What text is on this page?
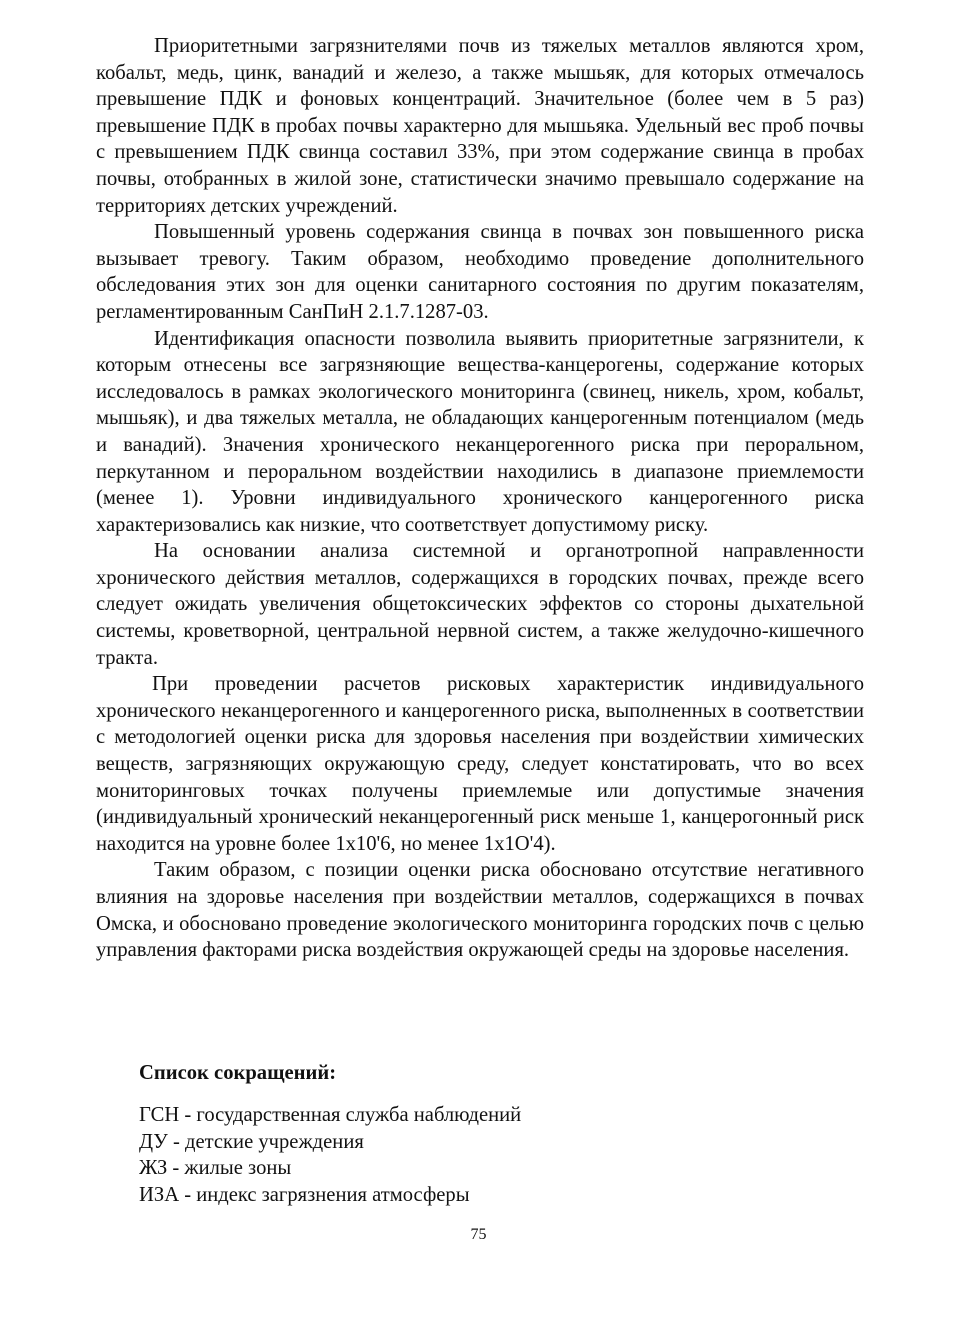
Приоритетными загрязнителями почв из тяжелых металлов являются хром, кобальт, медь, цинк, ванадий и железо, а также мышьяк, для которых отмечалось превышение ПДК и фоновых концентраций. Значительное (более чем в 5 раз) превышение ПДК в пробах почвы характерно для мышьяка. Удельный вес проб почвы с превышением ПДК свинца составил 33%, при этом содержание свинца в пробах почвы, отобранных в жилой зоне, статистически значимо превышало содержание на территориях детских учреждений.

Повышенный уровень содержания свинца в почвах зон повышенного риска вызывает тревогу. Таким образом, необходимо проведение дополнительного обследования этих зон для оценки санитарного состояния по другим показателям, регламентированным СанПиН 2.1.7.1287-03.

Идентификация опасности позволила выявить приоритетные загрязнители, к которым отнесены все загрязняющие вещества-канцерогены, содержание которых исследовалось в рамках экологического мониторинга (свинец, никель, хром, кобальт, мышьяк), и два тяжелых металла, не обладающих канцерогенным потенциалом (медь и ванадий). Значения хронического неканцерогенного риска при пероральном, перкутанном и пероральном воздействии находились в диапазоне приемлемости (менее 1). Уровни индивидуального хронического канцерогенного риска характеризовались как низкие, что соответствует допустимому риску.

На основании анализа системной и органотропной направленности хронического действия металлов, содержащихся в городских почвах, прежде всего следует ожидать увеличения общетоксических эффектов со стороны дыхательной системы, кроветворной, центральной нервной систем, а также желудочно-кишечного тракта.

При проведении расчетов рисковых характеристик индивидуального хронического неканцерогенного и канцерогенного риска, выполненных в соответствии с методологией оценки риска для здоровья населения при воздействии химических веществ, загрязняющих окружающую среду, следует констатировать, что во всех мониторинговых точках получены приемлемые или допустимые значения (индивидуальный хронический неканцерогенный риск меньше 1, канцерогонный риск находится на уровне более 1x10'6, но менее 1x1О'4).

Таким образом, с позиции оценки риска обосновано отсутствие негативного влияния на здоровье населения при воздействии металлов, содержащихся в почвах Омска, и обосновано проведение экологического мониторинга городских почв с целью управления факторами риска воздействия окружающей среды на здоровье населения.

Список сокращений:
ГСН - государственная служба наблюдений
ДУ - детские учреждения
ЖЗ - жилые зоны
ИЗА - индекс загрязнения атмосферы
75
